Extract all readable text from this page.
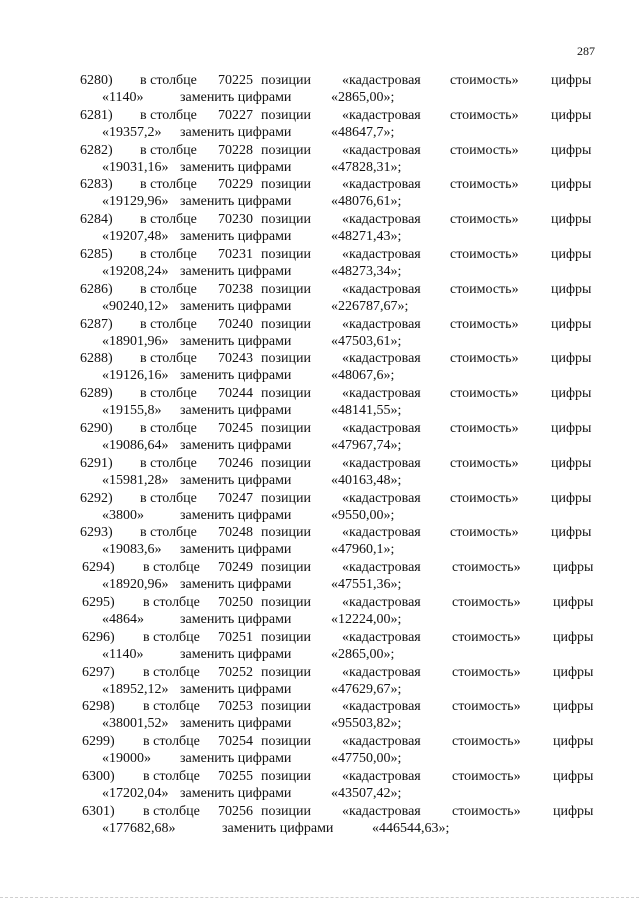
287
6280) в столбце 70225 позиции «кадастровая стоимость» цифры
«1140»	заменить цифрами	«2865,00»;
6281) в столбце 70227 позиции «кадастровая стоимость» цифры
«19357,2» заменить цифрами	«48647,7»;
6282) в столбце 70228 позиции «кадастровая стоимость» цифры
«19031,16» заменить цифрами	«47828,31»;
6283) в столбце 70229 позиции «кадастровая стоимость» цифры
«19129,96» заменить цифрами	«48076,61»;
6284) в столбце 70230 позиции «кадастровая стоимость» цифры
«19207,48» заменить цифрами	«48271,43»;
6285) в столбце 70231 позиции «кадастровая стоимость» цифры
«19208,24» заменить цифрами	«48273,34»;
6286) в столбце 70238 позиции «кадастровая стоимость» цифры
«90240,12» заменить цифрами	«226787,67»;
6287) в столбце 70240 позиции «кадастровая стоимость» цифры
«18901,96» заменить цифрами	«47503,61»;
6288) в столбце 70243 позиции «кадастровая стоимость» цифры
«19126,16» заменить цифрами	«48067,6»;
6289) в столбце 70244 позиции «кадастровая стоимость» цифры
«19155,8» заменить цифрами	«48141,55»;
6290) в столбце 70245 позиции «кадастровая стоимость» цифры
«19086,64» заменить цифрами	«47967,74»;
6291) в столбце 70246 позиции «кадастровая стоимость» цифры
«15981,28» заменить цифрами	«40163,48»;
6292) в столбце 70247 позиции «кадастровая стоимость» цифры
«3800»	заменить цифрами	«9550,00»;
6293) в столбце 70248 позиции «кадастровая стоимость» цифры
«19083,6» заменить цифрами	«47960,1»;
6294) в столбце 70249 позиции «кадастровая стоимость» цифры
«18920,96» заменить цифрами	«47551,36»;
6295) в столбце 70250 позиции «кадастровая стоимость» цифры
«4864»	заменить цифрами	«12224,00»;
6296) в столбце 70251 позиции «кадастровая стоимость» цифры
«1140»	заменить цифрами	«2865,00»;
6297) в столбце 70252 позиции «кадастровая стоимость» цифры
«18952,12» заменить цифрами	«47629,67»;
6298) в столбце 70253 позиции «кадастровая стоимость» цифры
«38001,52» заменить цифрами	«95503,82»;
6299) в столбце 70254 позиции «кадастровая стоимость» цифры
«19000» заменить цифрами	«47750,00»;
6300) в столбце 70255 позиции «кадастровая стоимость» цифры
«17202,04» заменить цифрами	«43507,42»;
6301) в столбце 70256 позиции «кадастровая стоимость» цифры
«177682,68»	заменить цифрами	«446544,63»;
